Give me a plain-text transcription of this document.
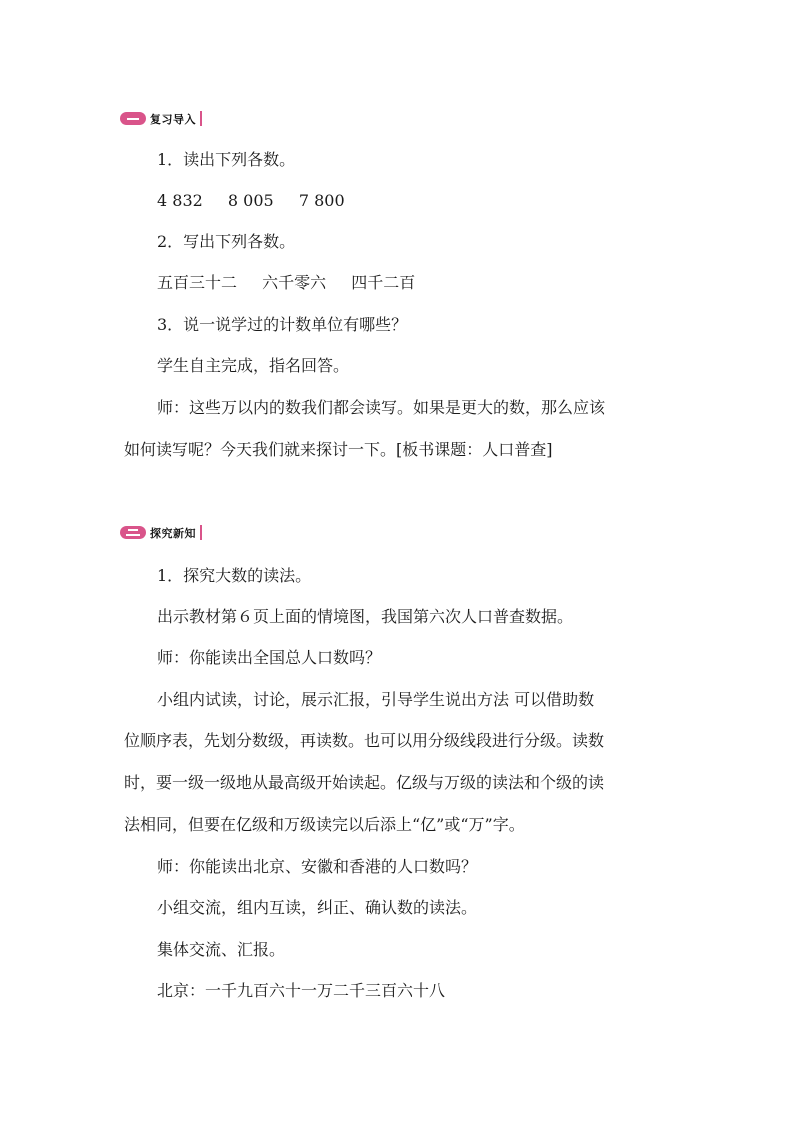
复习导入
1．读出下列各数。
4 832 8 005 7 800
2．写出下列各数。
五百三十二 六千零六 四千二百
3．说一说学过的计数单位有哪些？
学生自主完成，指名回答。
师：这些万以内的数我们都会读写。如果是更大的数，那么应该
如何读写呢？今天我们就来探讨一下。[板书课题：人口普查]
探究新知
1．探究大数的读法。
出示教材第６页上面的情境图，我国第六次人口普查数据。
师：你能读出全国总人口数吗？
小组内试读，讨论，展示汇报，引导学生说出方法 可以借助数
位顺序表，先划分数级，再读数。也可以用分级线段进行分级。读数
时，要一级一级地从最高级开始读起。亿级与万级的读法和个级的读
法相同，但要在亿级和万级读完以后添上“亿”或“万”字。
师：你能读出北京、安徽和香港的人口数吗？
小组交流，组内互读，纠正、确认数的读法。
集体交流、汇报。
北京：一千九百六十一万二千三百六十八
